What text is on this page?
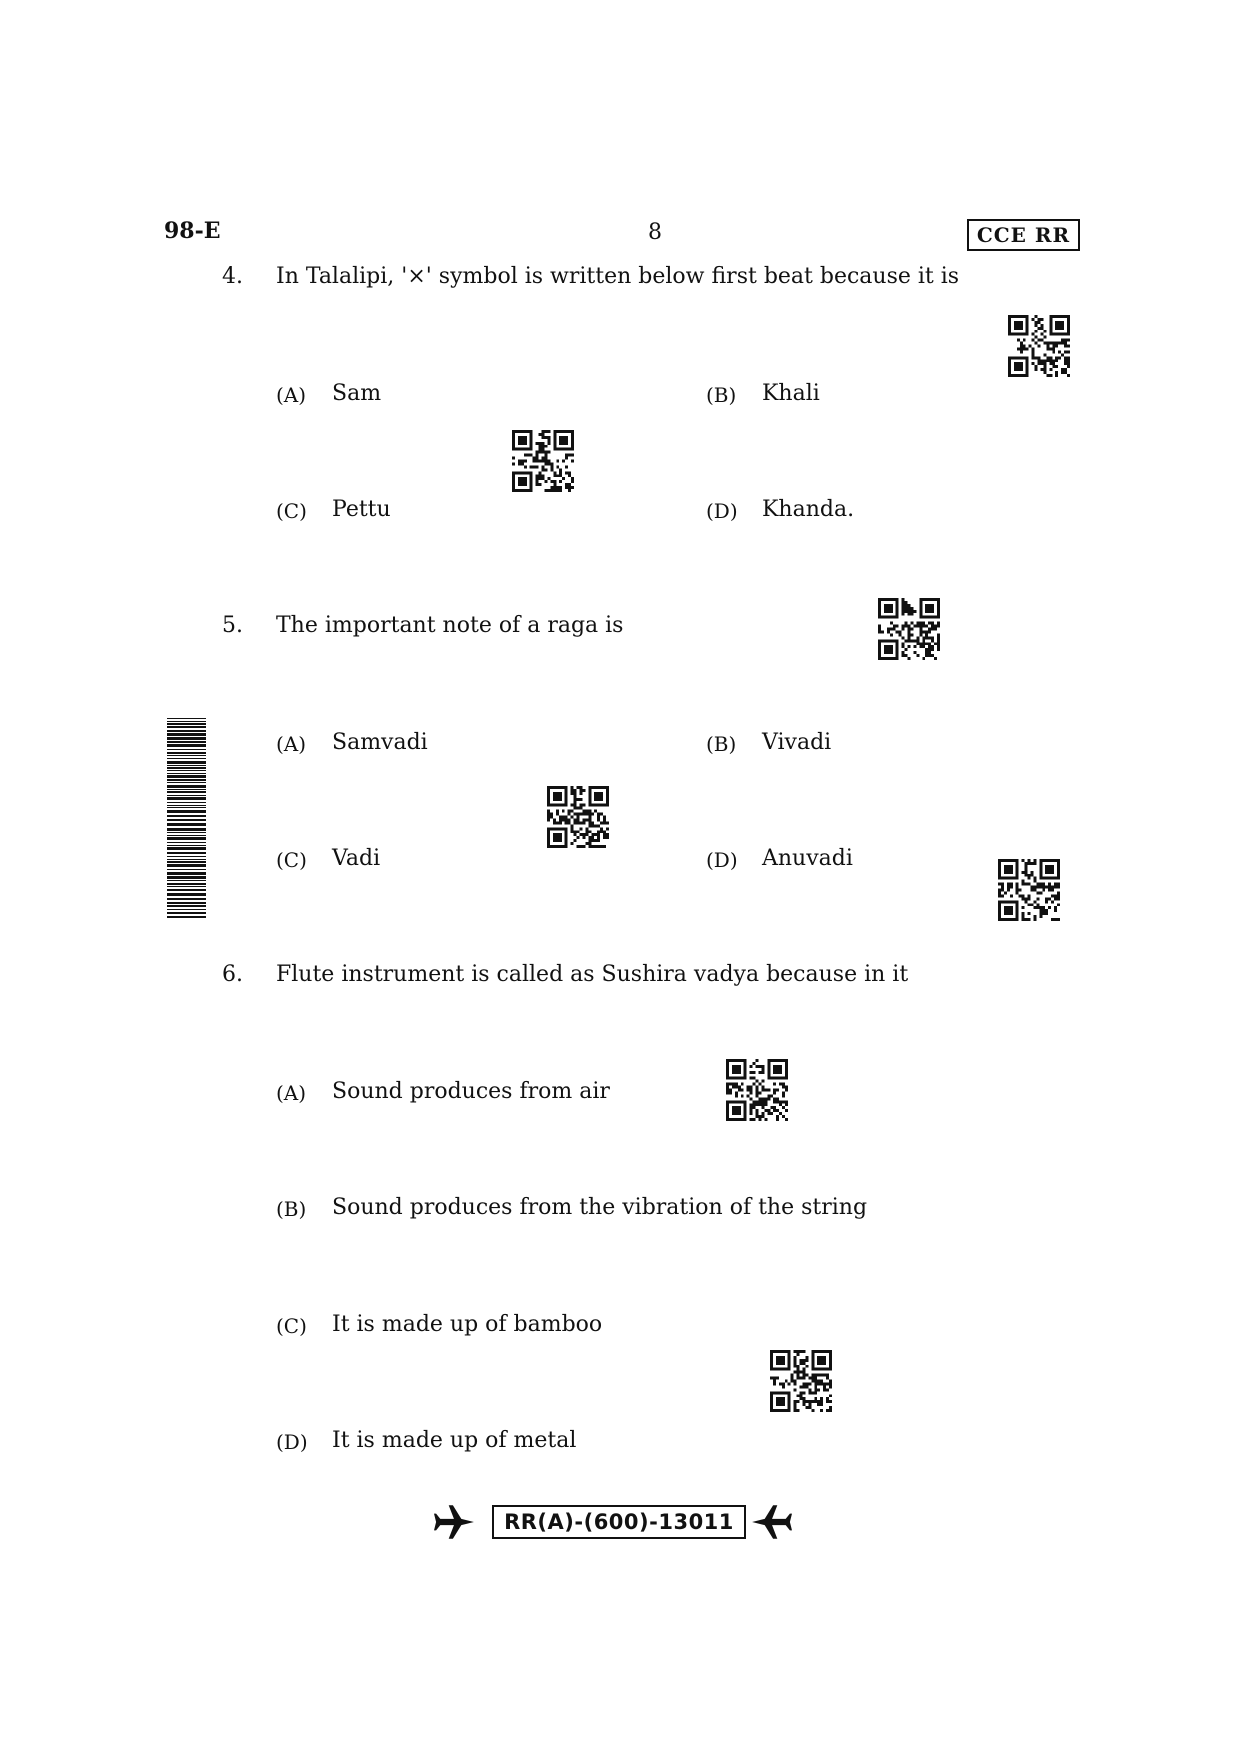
98-E	8	CCE RR
4. In Talalipi, '×' symbol is written below first beat because it is
(A) Sam	(B) Khali
(C) Pettu	(D) Khanda.
5. The important note of a raga is
(A) Samvadi	(B) Vivadi
(C) Vadi	(D) Anuvadi
6. Flute instrument is called as Sushira vadya because in it
(A) Sound produces from air
(B) Sound produces from the vibration of the string
(C) It is made up of bamboo
(D) It is made up of metal
RR(A)-(600)-13011
